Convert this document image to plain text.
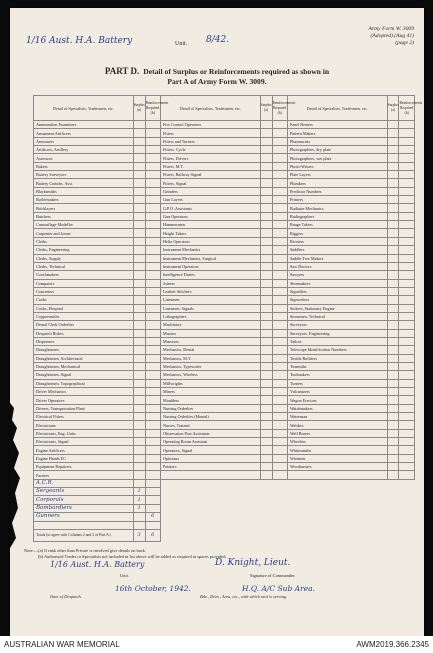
1/16 Aust. H.A. Battery	Unit. 8/42.
Army Form W. 3009
(Adopted) (Aug 41)
(page 2)
PART D. Detail of Surplus or Reinforcements required as shown in
Part A of Army Form W. 3009.
Detail of Specialists, Tradesmen, etc.	Surplus (a)	Reinforcements Required (b)	Detail of Specialists, Tradesmen, etc.	Surplus (a)	Reinforcements Required (b)	Detail of Specialists, Tradesmen, etc.	Surplus (a)	Reinforcements Required (b)
Ammunition Examiners			Fire Control Operators			Panel Beaters		
Armament Artificers			Fitters			Pattern Makers		
Armourers			Fitters and Turners			Pharmacists		
Artificers, Artillery			Fitters, Cycle			Photographers, dry plate		
Assessors			Fitters, Drivers			Photographers, wet plate		
Bakers			Fitters, M.T.			Photo-Writers		
Battery Surveyors			Fitters, Railway Signal			Plate Layers		
Battery Comdrs. Asst.			Fitters, Signal			Plumbers		
Blacksmiths			Grinders			Predictor Numbers		
Boilermakers			Gun Layers			Printers		
Bricklayers			G.P.O. Assistants			Radiator Mechanics		
Butchers			Gun Operators			Radiographers		
Camouflage Modeller			Hammermen			Range Takers		
Carpenter and Joiner			Height Takers			Riggers		
Clerks			Helio Operators			Riveters		
Clerks, Engineering			Instrument Mechanics			Saddlers		
Clerks, Supply			Instrument Mechanics, Surgical			Saddle Tree Makers		
Clerks, Technical			Instrument Operators			Saw Doctors		
Coachmakers			Intelligence Duties			Sawyers		
Computers			Joiners			Shoemakers		
Concreters			Leather Stitchers			Signallers		
Cooks			Linesmen			Signwriters		
Cooks, Hospital			Linesmen, Signals			Stokers, Stationary Engine		
Coppersmiths			Lithographers			Stonemen, Technical		
Dental Clerk Orderlies			Machinists			Surveyors		
Despatch Riders			Masons			Surveyors, Engineering		
Dispensers			Masseurs			Tailors		
Draughtsmen			Mechanics, Dental			Telescope Identification Numbers		
Draughtsmen, Architectural			Mechanics, M.T.			Textile Refitters		
Draughtsmen, Mechanical			Mechanics, Typewriter			Tinsmiths		
Draughtsmen, Signal			Mechanics, Wireless			Toolmakers		
Draughtsmen, Topographical			Millwrights			Turners		
Driver Mechanics			Miners			Vulcanizers		
Driver Operators			Moulders			Wagon Erectors		
Drivers, Transportation Plant			Nursing Orderlies			Watchmakers		
Electrical Fitters			Nursing Orderlies (Mental)			Waterman		
Electricians			Nurses, Trained			Welders		
Electricians, Eng. Units			Observation Post Assistants			Well Borers		
Electricians, Signal			Operating Room Assistant			Wheelers		
Engine Artificers			Operators, Signal			Whitesmiths		
Engine Hands I/C			Opticians			Wiremen		
Equipment Repairers			Painters			Woodturners		
Farriers								
A.C.R.								
Sergeants	1							
Corporals	1							
Bombardiers	1							
Gunners		6						

Totals (to agree with Columns 2 and 3 of Part A.)	3	6						
Note:—(a) If rank other than Private is involved give details on back.
(b) Authorised Trades or Specialists not included in list above will be added as required in spaces provided.
1/16 Aust. H.A. Battery	D. Knight, Lieut.
Unit.	Signature of Commander.
16th October, 1942.	H.Q. A/C Sub Area.
Date of Despatch.	Bde., Divn., Area, etc., with which unit is serving.
AUSTRALIAN WAR MEMORIAL	AWM2019.366.2345
